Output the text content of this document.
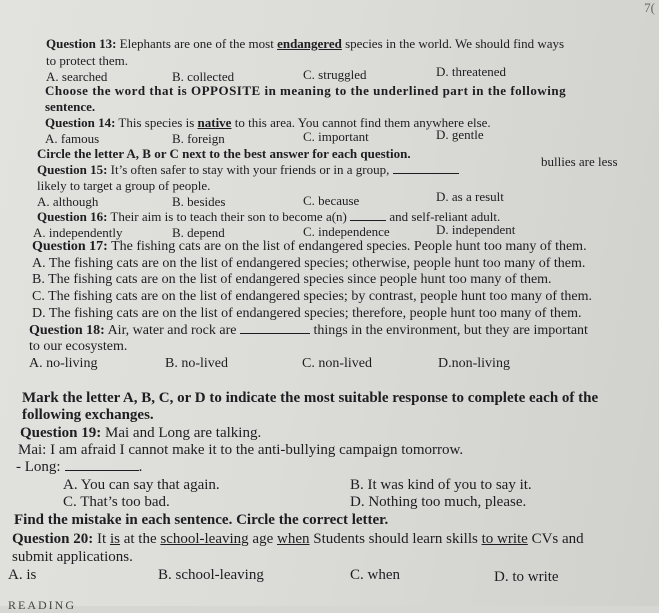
7(
Question 13: Elephants are one of the most endangered species in the world. We should find ways
to protect them.
A. searched	B. collected	C. struggled	D. threatened
Choose the word that is OPPOSITE in meaning to the underlined part in the following
sentence.
Question 14: This species is native to this area. You cannot find them anywhere else.
A. famous	B. foreign	C. important	D. gentle
Circle the letter A, B or C next to the best answer for each question.
Question 15: It’s often safer to stay with your friends or in a group,
bullies are less
likely to target a group of people.
A. although	B. besides	C. because	D. as a result
Question 16: Their aim is to teach their son to become a(n)	and self-reliant adult.
A. independently	B. depend	C. independence	D. independent
Question 17: The fishing cats are on the list of endangered species. People hunt too many of them.
A. The fishing cats are on the list of endangered species; otherwise, people hunt too many of them.
B. The fishing cats are on the list of endangered species since people hunt too many of them.
C. The fishing cats are on the list of endangered species; by contrast, people hunt too many of them.
D. The fishing cats are on the list of endangered species; therefore, people hunt too many of them.
Question 18: Air, water and rock are	things in the environment, but they are important
to our ecosystem.
A. no-living	B. no-lived	C. non-lived	D.non-living
Mark the letter A, B, C, or D to indicate the most suitable response to complete each of the
following exchanges.
Question 19: Mai and Long are talking.
Mai: I am afraid I cannot make it to the anti-bullying campaign tomorrow.
- Long:	.
A. You can say that again.	B. It was kind of you to say it.
C. That’s too bad.	D. Nothing too much, please.
Find the mistake in each sentence. Circle the correct letter.
Question 20: It is at the school-leaving age when Students should learn skills to write CVs and
submit applications.
A. is	B. school-leaving	C. when	D. to write
READING
